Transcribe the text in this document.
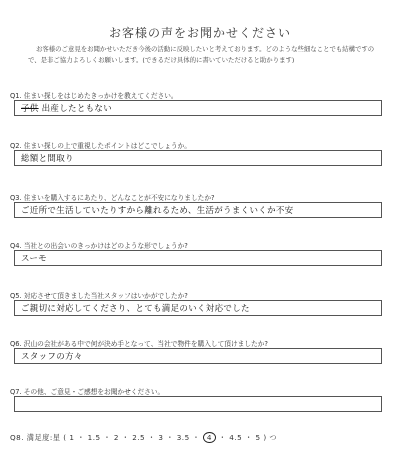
お客様の声をお聞かせください
お客様のご意見をお聞かせいただき今後の活動に反映したいと考えております。どのような些細なことでも結構ですので、是非ご協力よろしくお願いします。(できるだけ具体的に書いていただけると助かります)
Q1. 住まい探しをはじめたきっかけを教えてください。
子供 出産したともない
Q2. 住まい探しの上で重視したポイントはどこでしょうか。
総額と間取り
Q3. 住まいを購入するにあたり、どんなことが不安になりましたか?
ご近所で生活していたりすから離れるため、生活がうまくいくか不安
Q4. 当社との出会いのきっかけはどのような形でしょうか?
スーモ
Q5. 対応させて頂きました当社スタッフはいかがでしたか?
ご親切に対応してくださり、とても満足のいく対応でした
Q6. 沢山の会社がある中で何が決め手となって、当社で物件を購入して頂けましたか?
スタッフの方々
Q7. その他、ご意見・ご感想をお聞かせください。
Q8. 満足度:星 ( 1 ・ 1.5 ・ 2 ・ 2.5 ・ 3 ・ 3.5 ・ 4 ・ 4.5 ・ 5 ) つ
